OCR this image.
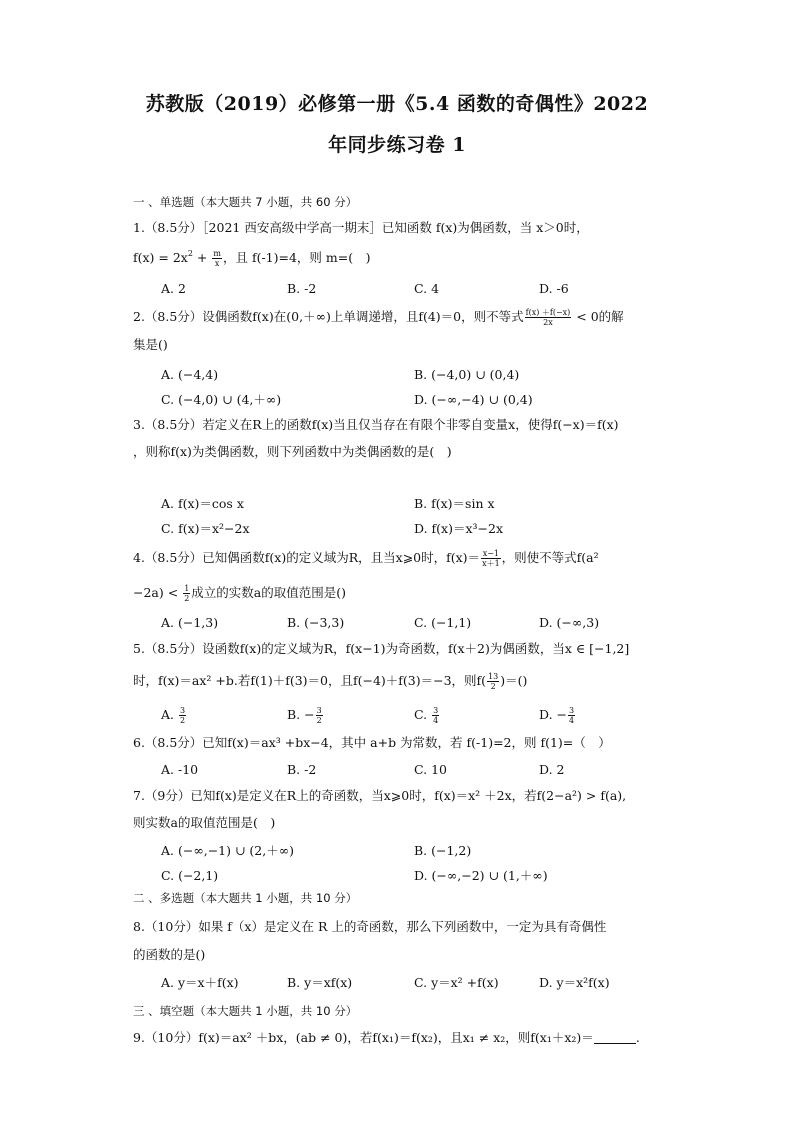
苏教版（2019）必修第一册《5.4 函数的奇偶性》2022
年同步练习卷 1
一 、单选题（本大题共 7 小题，共 60 分）
1.（8.5分）［2021 西安高级中学高一期末］已知函数 f(x)为偶函数，当 x＞0时，
$f(x) = 2x^2 + \frac{m}{x}$ ，且 f(-1)=4，则 m=(　)
A. 2	B. -2	C. 4	D. -6
2.（8.5分）设偶函数f(x)在(0,＋∞)上单调递增，且f(4)＝0，则不等式 $\frac{f(x) +f(-x)}{2x} < 0$的解
集是()
A. (−4,4)	B. (−4,0) ∪ (0,4)
C. (−4,0) ∪ (4,＋∞)	D. (−∞,−4) ∪ (0,4)
3.（8.5分）若定义在R上的函数f(x)当且仅当存在有限个非零自变量x，使得f(−x)＝f(x)
，则称f(x)为类偶函数，则下列函数中为类偶函数的是(　)
A. f(x)＝cos x	B. f(x)＝sin x
C. f(x)＝x²−2x	D. f(x)＝x³−2x
4.（8.5分）已知偶函数f(x)的定义域为R，且当x⩾0时，$f(x)= \frac{x-1}{x+1}$ ，则使不等式f(a²
$-2a) < \frac{1}{2}$ 成立的实数a的取值范围是()
A. (−1,3)	B. (−3,3)	C. (−1,1)	D. (−∞,3)
5.（8.5分）设函数f(x)的定义域为R，f(x−1)为奇函数，f(x＋2)为偶函数，当x ∈ [−1,2]
时，f(x)＝ax² +b.若f(1)＋f(3)＝0，且f(−4)＋f(3)＝−3，则$f( \frac{13}{2}$ )＝()
A. $\frac{3}{2}$	B. − $\frac{3}{2}$	C. $\frac{3}{4}$	D. − $\frac{3}{4}$
6.（8.5分）已知f(x)＝ax³ +bx−4，其中 a+b 为常数，若 f(-1)=2，则 f(1)=（　）
A. -10	B. -2	C. 10	D. 2
7.（9分）已知f(x)是定义在R上的奇函数，当x⩾0时，f(x)＝x² ＋2x，若f(2−a²) > f(a),
则实数a的取值范围是(　)
A. (−∞,−1) ∪ (2,＋∞)	B. (−1,2)
C. (−2,1)	D. (−∞,−2) ∪ (1,＋∞)
二 、多选题（本大题共 1 小题，共 10 分）
8.（10分）如果 f（x）是定义在 R 上的奇函数，那么下列函数中，一定为具有奇偶性
的函数的是()
A. y＝x＋f(x)	B. y＝xf(x)	C. y＝x² +f(x)	D. y＝x²f(x)
三 、填空题（本大题共 1 小题，共 10 分）
9.（10分）f(x)＝ax² ＋bx，(ab ≠ 0)，若f(x₁)＝f(x₂)，且x₁ ≠ x₂，则f(x₁＋x₂)＝	.
